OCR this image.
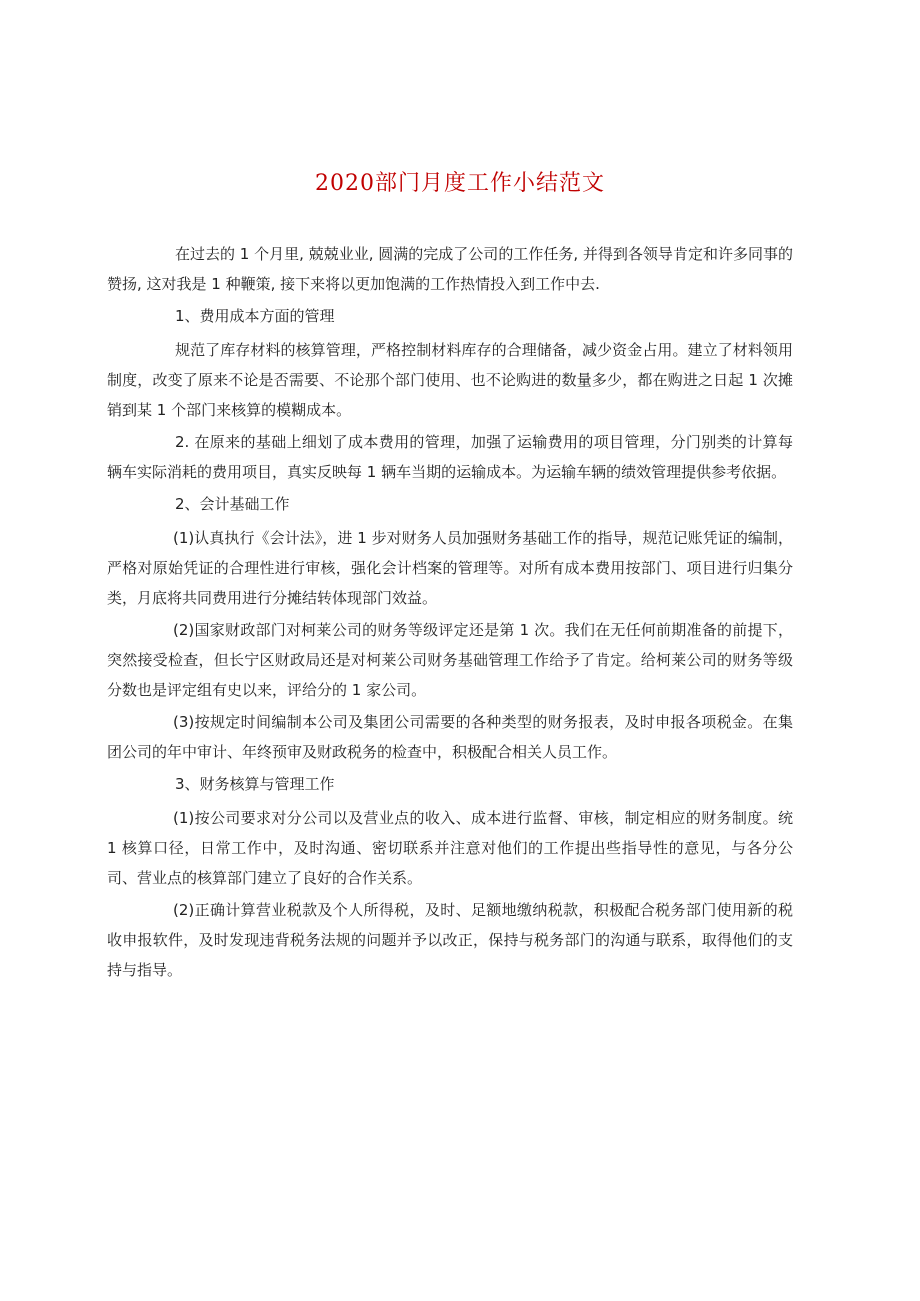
2020部门月度工作小结范文

在过去的 1 个月里, 兢兢业业, 圆满的完成了公司的工作任务, 并得到各领导肯定和许多同事的赞扬, 这对我是 1 种鞭策, 接下来将以更加饱满的工作热情投入到工作中去.

1、费用成本方面的管理

规范了库存材料的核算管理，严格控制材料库存的合理储备，减少资金占用。建立了材料领用制度，改变了原来不论是否需要、不论那个部门使用、也不论购进的数量多少，都在购进之日起 1 次摊销到某 1 个部门来核算的模糊成本。

2. 在原来的基础上细划了成本费用的管理，加强了运输费用的项目管理，分门别类的计算每辆车实际消耗的费用项目，真实反映每 1 辆车当期的运输成本。为运输车辆的绩效管理提供参考依据。

2、会计基础工作

(1)认真执行《会计法》，进 1 步对财务人员加强财务基础工作的指导，规范记账凭证的编制，严格对原始凭证的合理性进行审核，强化会计档案的管理等。对所有成本费用按部门、项目进行归集分类，月底将共同费用进行分摊结转体现部门效益。

(2)国家财政部门对柯莱公司的财务等级评定还是第 1 次。我们在无任何前期准备的前提下，突然接受检查，但长宁区财政局还是对柯莱公司财务基础管理工作给予了肯定。给柯莱公司的财务等级分数也是评定组有史以来，评给分的 1 家公司。

(3)按规定时间编制本公司及集团公司需要的各种类型的财务报表，及时申报各项税金。在集团公司的年中审计、年终预审及财政税务的检查中，积极配合相关人员工作。

3、财务核算与管理工作

(1)按公司要求对分公司以及营业点的收入、成本进行监督、审核，制定相应的财务制度。统 1 核算口径，日常工作中，及时沟通、密切联系并注意对他们的工作提出些指导性的意见，与各分公司、营业点的核算部门建立了良好的合作关系。

(2)正确计算营业税款及个人所得税，及时、足额地缴纳税款，积极配合税务部门使用新的税收申报软件，及时发现违背税务法规的问题并予以改正，保持与税务部门的沟通与联系，取得他们的支持与指导。
